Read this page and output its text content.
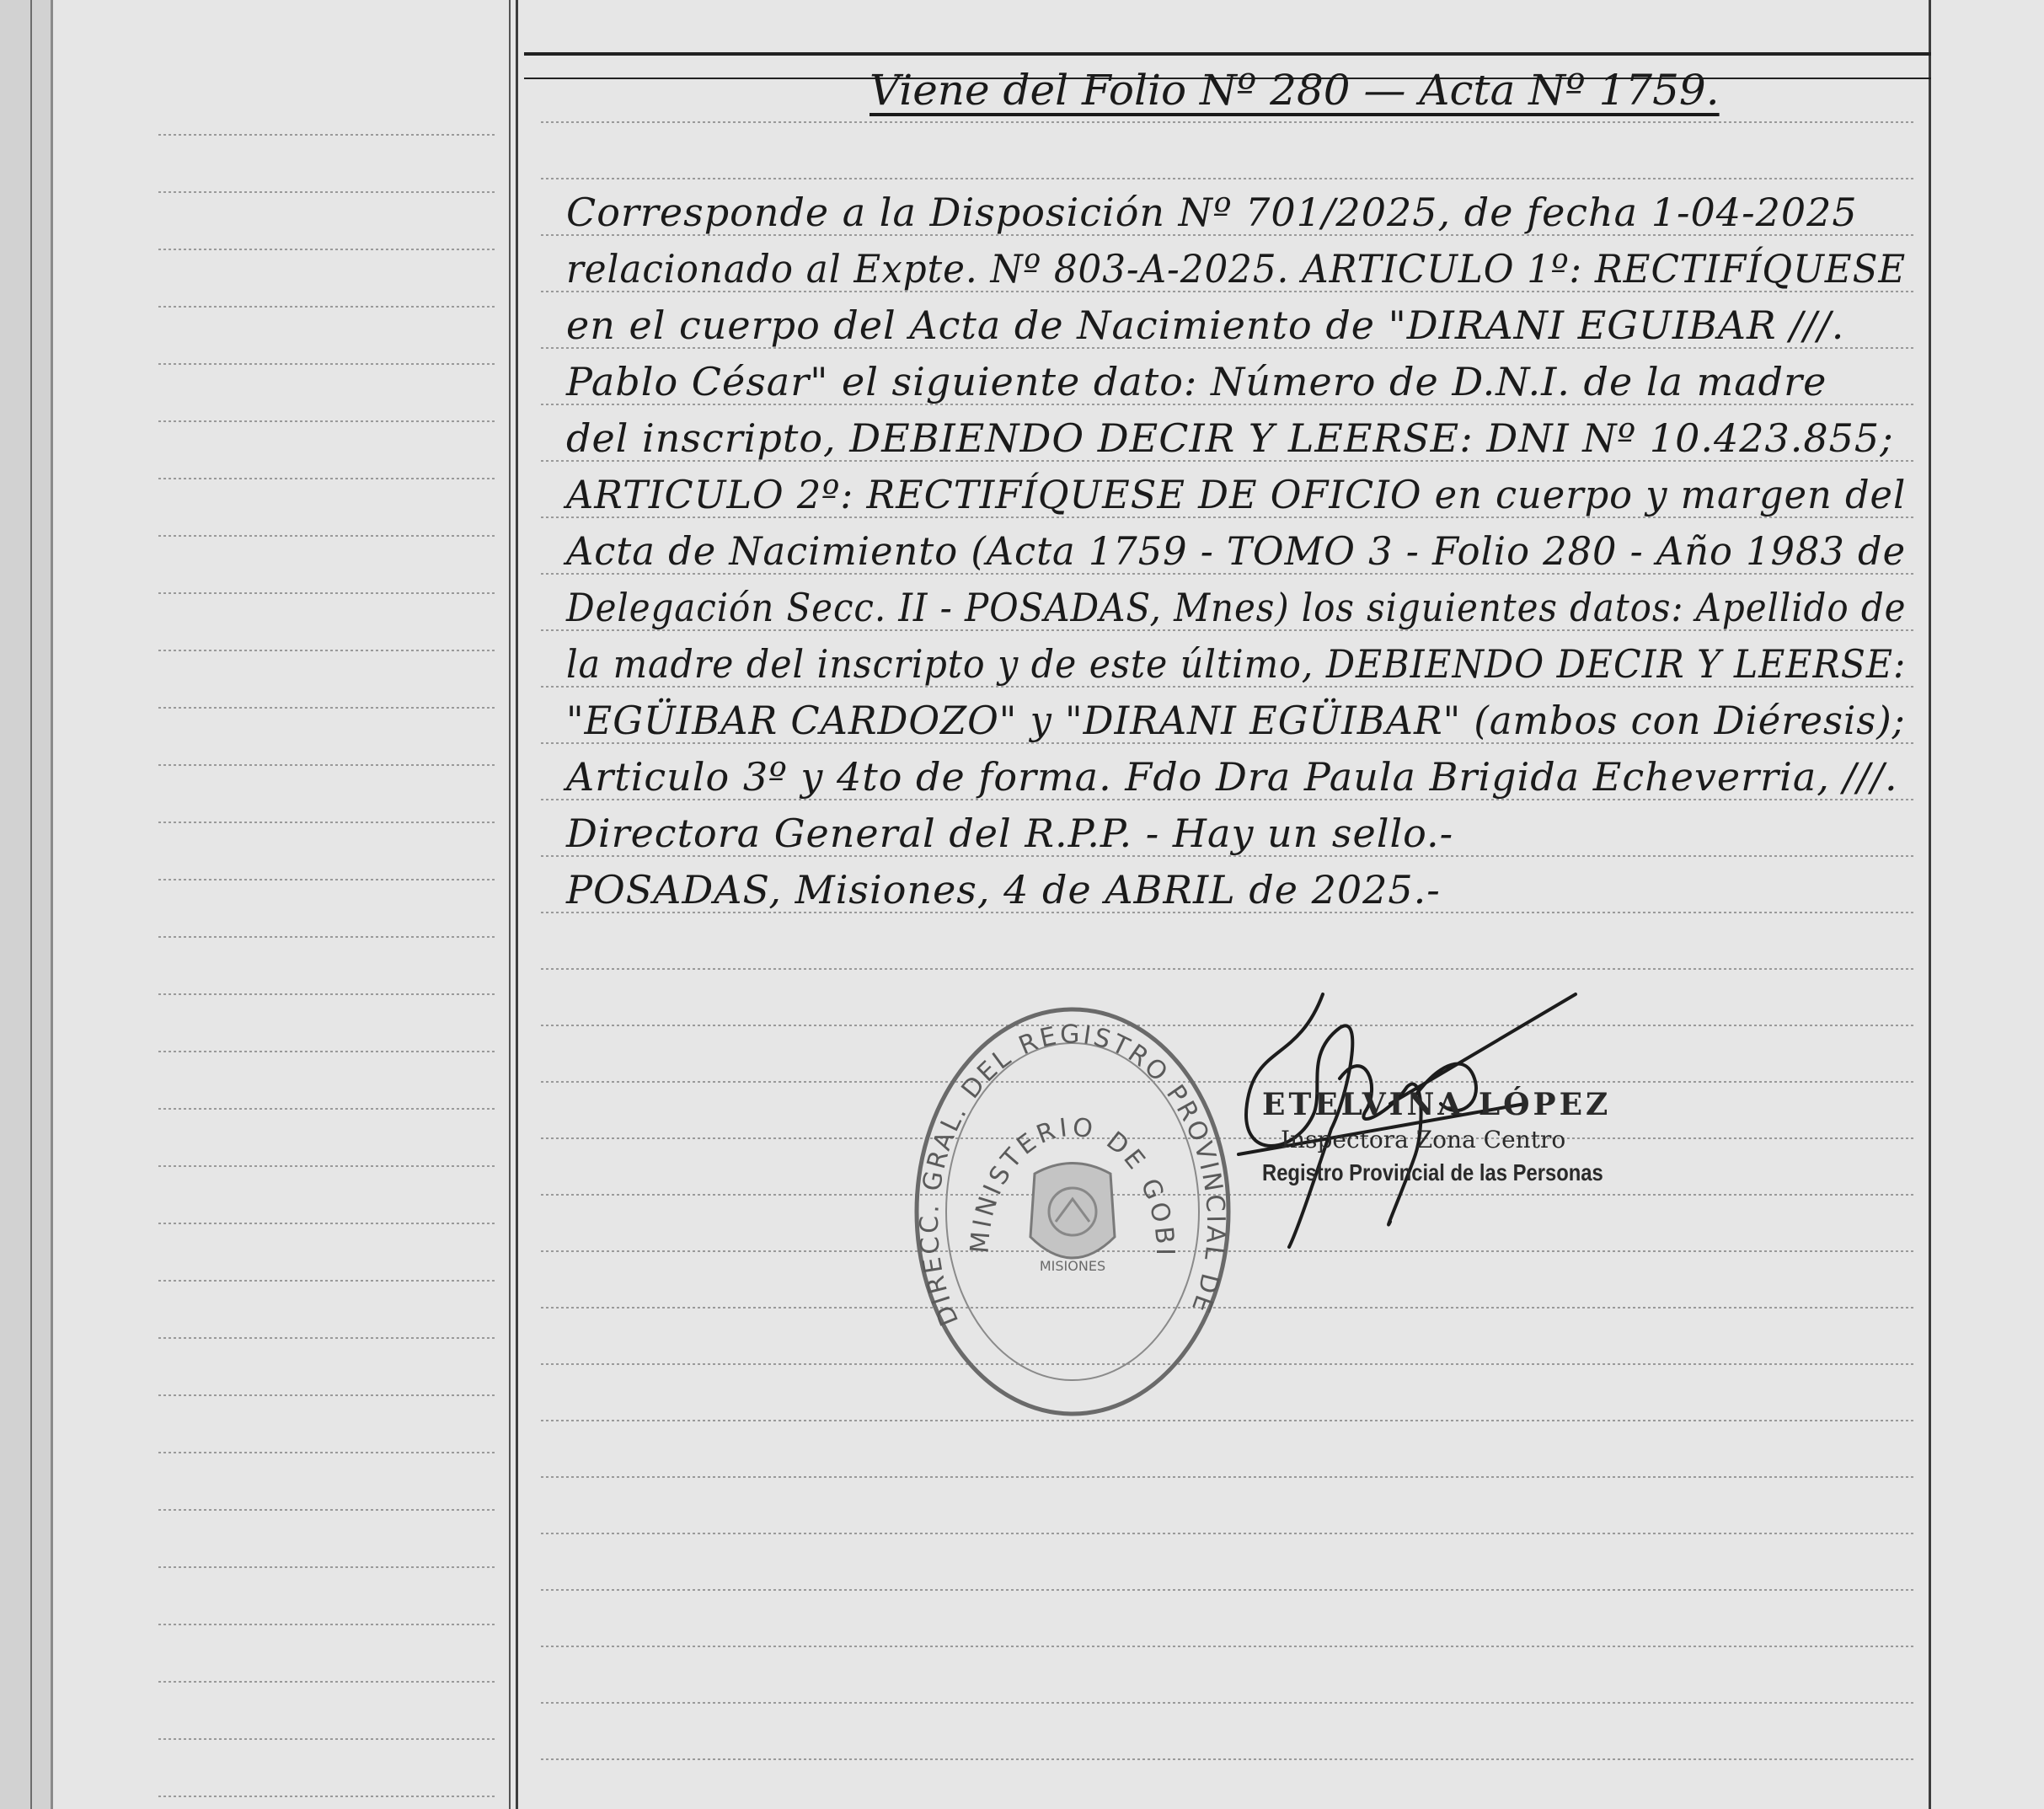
Viene del Folio Nº 280 — Acta Nº 1759.
Corresponde a la Disposición Nº 701/2025, de fecha 1-04-2025
relacionado al Expte. Nº 803-A-2025. ARTICULO 1º: RECTIFÍQUESE
en el cuerpo del Acta de Nacimiento de "DIRANI EGUIBAR ///.
Pablo César" el siguiente dato: Número de D.N.I. de la madre
del inscripto, DEBIENDO DECIR Y LEERSE: DNI Nº 10.423.855;
ARTICULO 2º: RECTIFÍQUESE DE OFICIO en cuerpo y margen del
Acta de Nacimiento (Acta 1759 - TOMO 3 - Folio 280 - Año 1983 de
Delegación Secc. II - POSADAS, Mnes) los siguientes datos: Apellido de
la madre del inscripto y de este último, DEBIENDO DECIR Y LEERSE:
"EGÜIBAR CARDOZO" y "DIRANI EGÜIBAR" (ambos con Diéresis);
Articulo 3º y 4to de forma. Fdo Dra Paula Brigida Echeverria, ///.
Directora General del R.P.P. - Hay un sello.-
POSADAS, Misiones, 4 de ABRIL de 2025.-
DIRECC. GRAL. DEL REGISTRO PROVINCIAL DE
MINISTERIO DE GOBI
MISIONES
ETELVINA LÓPEZ
Inspectora Zona Centro
Registro Provincial de las Personas
